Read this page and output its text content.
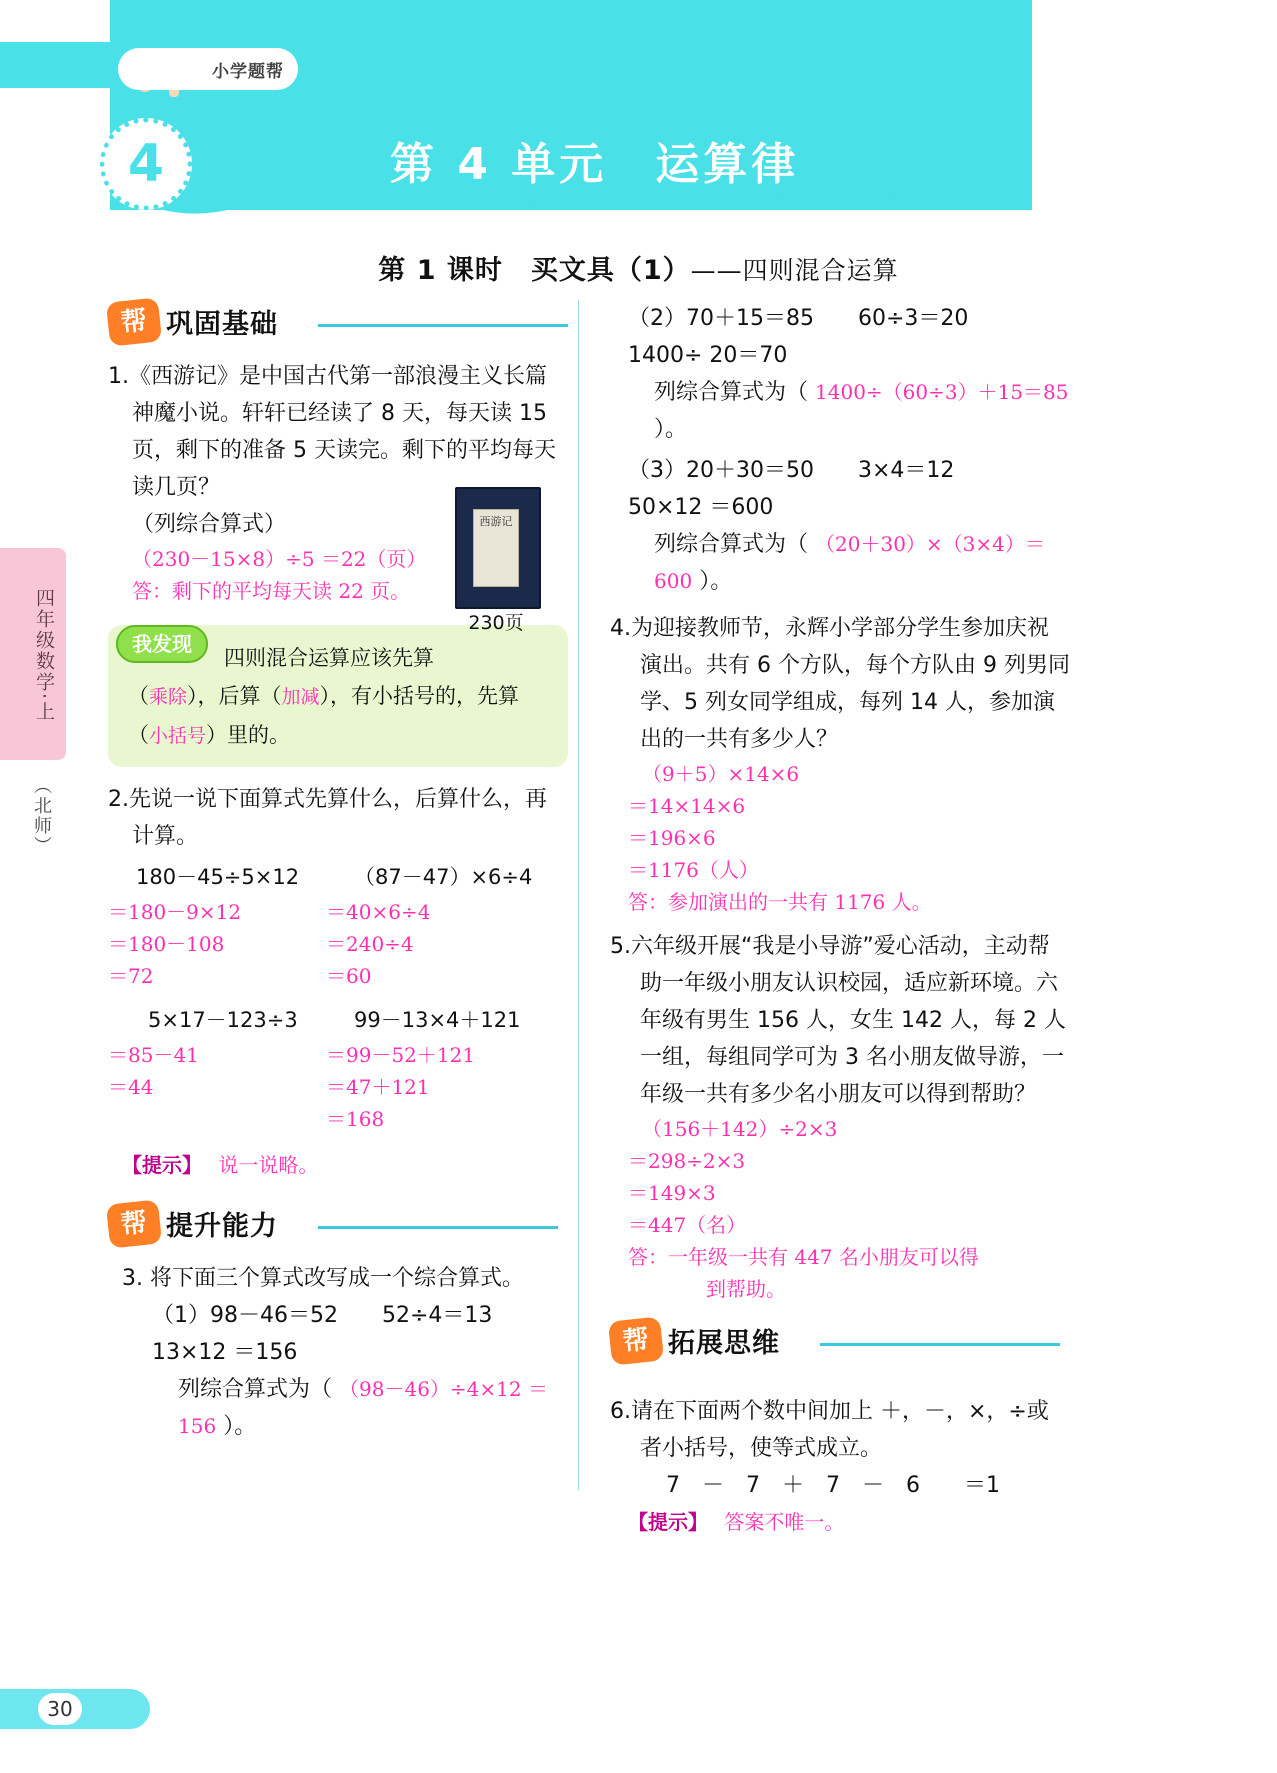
小学题帮
4	第 4 单元　运算律
第 1 课时　买文具（1）——四则混合运算
四年级数学·上
（北师）
帮 巩固基础
1.《西游记》是中国古代第一部浪漫主义长篇神魔小说。轩轩已经读了 8 天，每天读 15 页，剩下的准备 5 天读完。剩下的平均每天读几页？
（列综合算式）
（230－15×8）÷5 ＝22（页）
答：剩下的平均每天读 22 页。
我发现
四则混合运算应该先算
（乘除），后算（加减），有小括号的，先算
（小括号）里的。
2.先说一说下面算式先算什么，后算什么，再计算。
180－45÷5×12
＝180－9×12
＝180－108
＝72
（87－47）×6÷4
＝40×6÷4
＝240÷4
＝60
5×17－123÷3
＝85－41
＝44
99－13×4＋121
＝99－52＋121
＝47＋121
＝168
【提示】 说一说略。
帮 提升能力
3. 将下面三个算式改写成一个综合算式。
（1）98－46＝52　　52÷4＝13　　13×12 ＝156
列综合算式为（ （98－46）÷4×12 ＝156 ）。
西游记
230页
（2）70＋15＝85　　60÷3＝20　　1400÷ 20＝70
列综合算式为（ 1400÷（60÷3）＋15＝85 ）。
（3）20＋30＝50　　3×4＝12　　50×12 ＝600
列综合算式为（ （20＋30）×（3×4）＝600 ）。
4.为迎接教师节，永辉小学部分学生参加庆祝演出。共有 6 个方队，每个方队由 9 列男同学、5 列女同学组成，每列 14 人，参加演出的一共有多少人？
（9＋5）×14×6
＝14×14×6
＝196×6
＝1176（人）
答：参加演出的一共有 1176 人。
5.六年级开展“我是小导游”爱心活动，主动帮助一年级小朋友认识校园，适应新环境。六年级有男生 156 人，女生 142 人，每 2 人一组，每组同学可为 3 名小朋友做导游，一年级一共有多少名小朋友可以得到帮助？
（156＋142）÷2×3
＝298÷2×3
＝149×3
＝447（名）
答：一年级一共有 447 名小朋友可以得
到帮助。
帮 拓展思维
6.请在下面两个数中间加上 ＋，－，×，÷或者小括号，使等式成立。
7　－　7　＋　7　－　6　　＝1
【提示】 答案不唯一。
30
